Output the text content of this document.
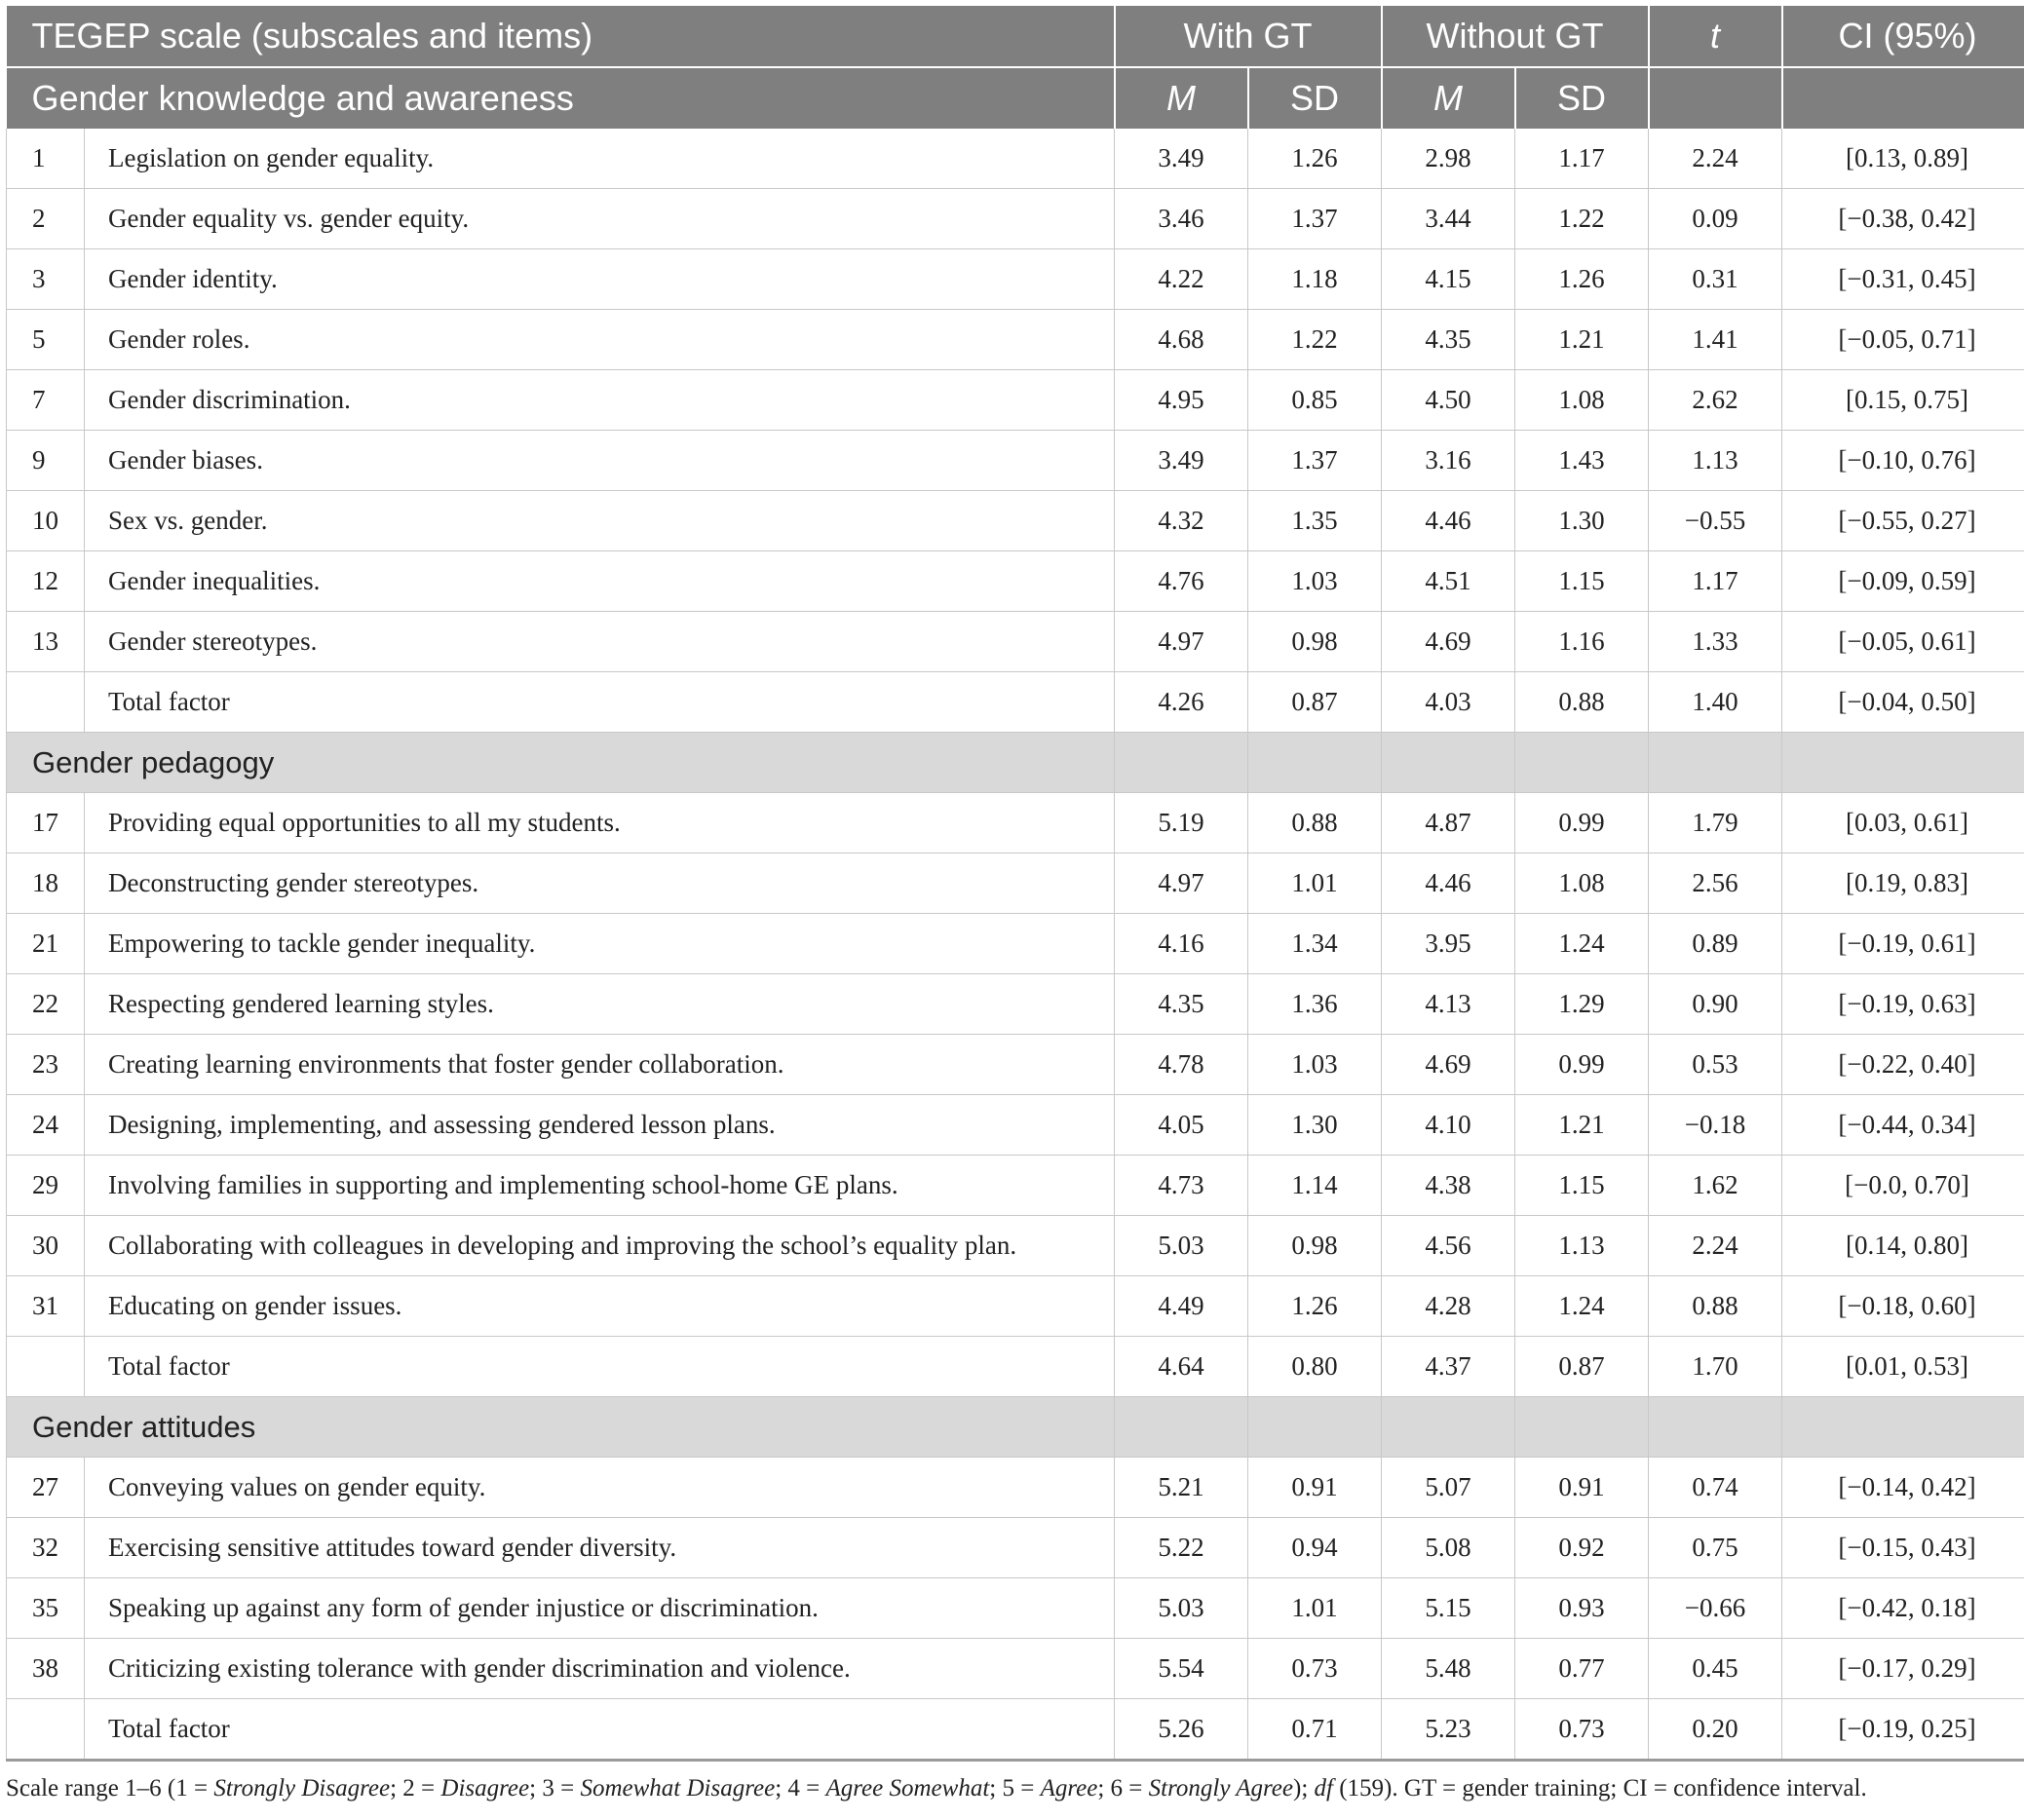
TEGEP scale (subscales and items)		With GT		Without GT		t	CI (95%)
Gender knowledge and awareness		M	SD	M	SD		
1	Legislation on gender equality.	3.49	1.26	2.98	1.17	2.24	[0.13, 0.89]
2	Gender equality vs. gender equity.	3.46	1.37	3.44	1.22	0.09	[−0.38, 0.42]
3	Gender identity.	4.22	1.18	4.15	1.26	0.31	[−0.31, 0.45]
5	Gender roles.	4.68	1.22	4.35	1.21	1.41	[−0.05, 0.71]
7	Gender discrimination.	4.95	0.85	4.50	1.08	2.62	[0.15, 0.75]
9	Gender biases.	3.49	1.37	3.16	1.43	1.13	[−0.10, 0.76]
10	Sex vs. gender.	4.32	1.35	4.46	1.30	−0.55	[−0.55, 0.27]
12	Gender inequalities.	4.76	1.03	4.51	1.15	1.17	[−0.09, 0.59]
13	Gender stereotypes.	4.97	0.98	4.69	1.16	1.33	[−0.05, 0.61]
	Total factor	4.26	0.87	4.03	0.88	1.40	[−0.04, 0.50]
Gender pedagogy							
17	Providing equal opportunities to all my students.	5.19	0.88	4.87	0.99	1.79	[0.03, 0.61]
18	Deconstructing gender stereotypes.	4.97	1.01	4.46	1.08	2.56	[0.19, 0.83]
21	Empowering to tackle gender inequality.	4.16	1.34	3.95	1.24	0.89	[−0.19, 0.61]
22	Respecting gendered learning styles.	4.35	1.36	4.13	1.29	0.90	[−0.19, 0.63]
23	Creating learning environments that foster gender collaboration.	4.78	1.03	4.69	0.99	0.53	[−0.22, 0.40]
24	Designing, implementing, and assessing gendered lesson plans.	4.05	1.30	4.10	1.21	−0.18	[−0.44, 0.34]
29	Involving families in supporting and implementing school-home GE plans.	4.73	1.14	4.38	1.15	1.62	[−0.0, 0.70]
30	Collaborating with colleagues in developing and improving the school’s equality plan.	5.03	0.98	4.56	1.13	2.24	[0.14, 0.80]
31	Educating on gender issues.	4.49	1.26	4.28	1.24	0.88	[−0.18, 0.60]
	Total factor	4.64	0.80	4.37	0.87	1.70	[0.01, 0.53]
Gender attitudes							
27	Conveying values on gender equity.	5.21	0.91	5.07	0.91	0.74	[−0.14, 0.42]
32	Exercising sensitive attitudes toward gender diversity.	5.22	0.94	5.08	0.92	0.75	[−0.15, 0.43]
35	Speaking up against any form of gender injustice or discrimination.	5.03	1.01	5.15	0.93	−0.66	[−0.42, 0.18]
38	Criticizing existing tolerance with gender discrimination and violence.	5.54	0.73	5.48	0.77	0.45	[−0.17, 0.29]
	Total factor	5.26	0.71	5.23	0.73	0.20	[−0.19, 0.25]
Scale range 1–6 (1 = Strongly Disagree; 2 = Disagree; 3 = Somewhat Disagree; 4 = Agree Somewhat; 5 = Agree; 6 = Strongly Agree); df (159). GT = gender training; CI = confidence interval.
